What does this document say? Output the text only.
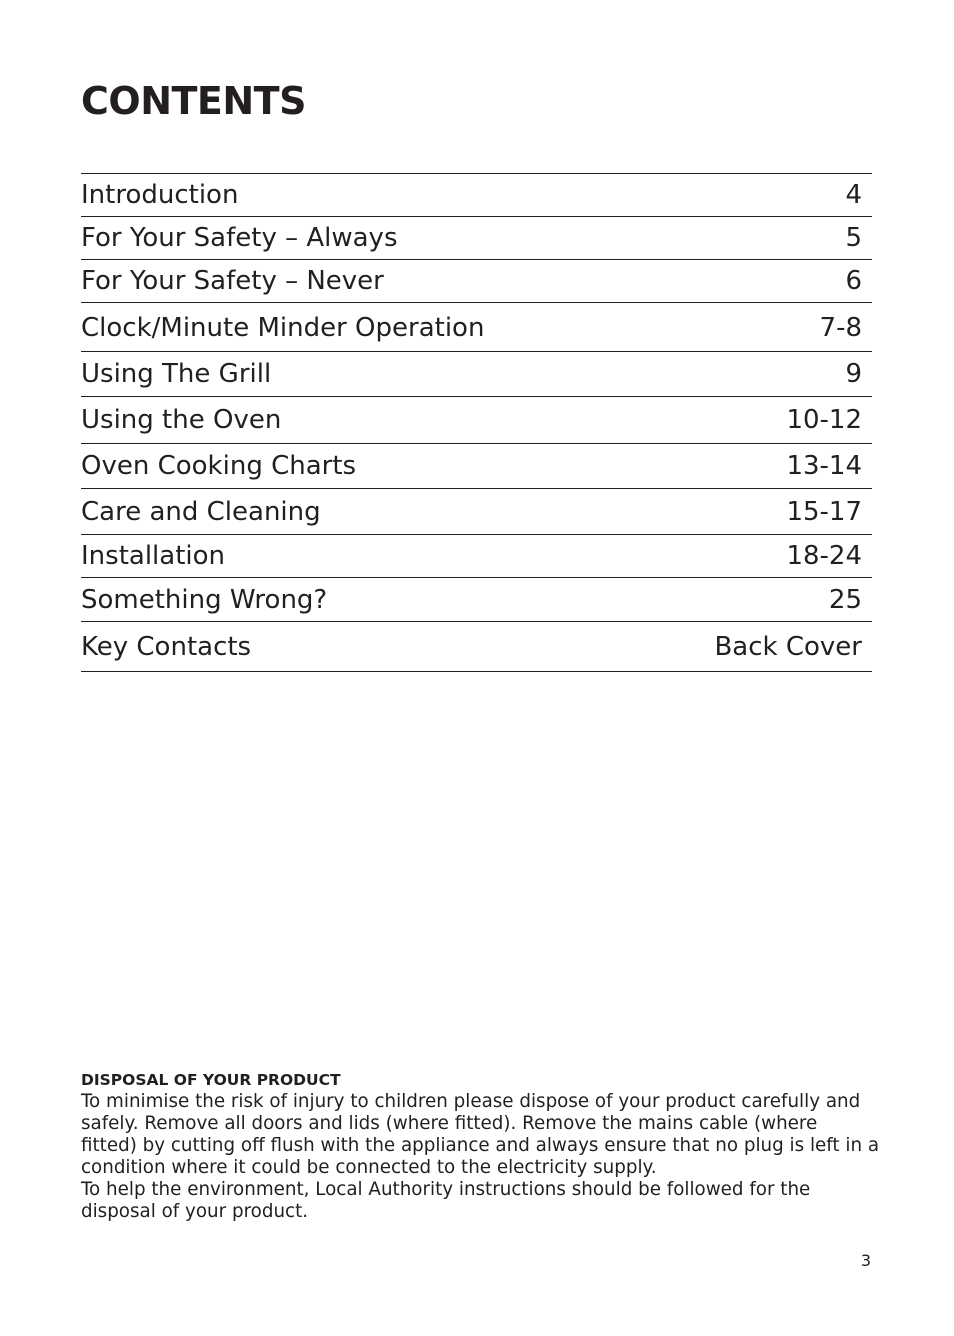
CONTENTS
Introduction	4
For Your Safety – Always	5
For Your Safety – Never	6
Clock/Minute Minder Operation	7-8
Using The Grill	9
Using the Oven	10-12
Oven Cooking Charts	13-14
Care and Cleaning	15-17
Installation	18-24
Something Wrong?	25
Key Contacts	Back Cover
DISPOSAL OF YOUR PRODUCT
To minimise the risk of injury to children please dispose of your product carefully and
safely. Remove all doors and lids (where fitted). Remove the mains cable (where
fitted) by cutting off flush with the appliance and always ensure that no plug is left in a
condition where it could be connected to the electricity supply.
To help the environment, Local Authority instructions should be followed for the
disposal of your product.
3
